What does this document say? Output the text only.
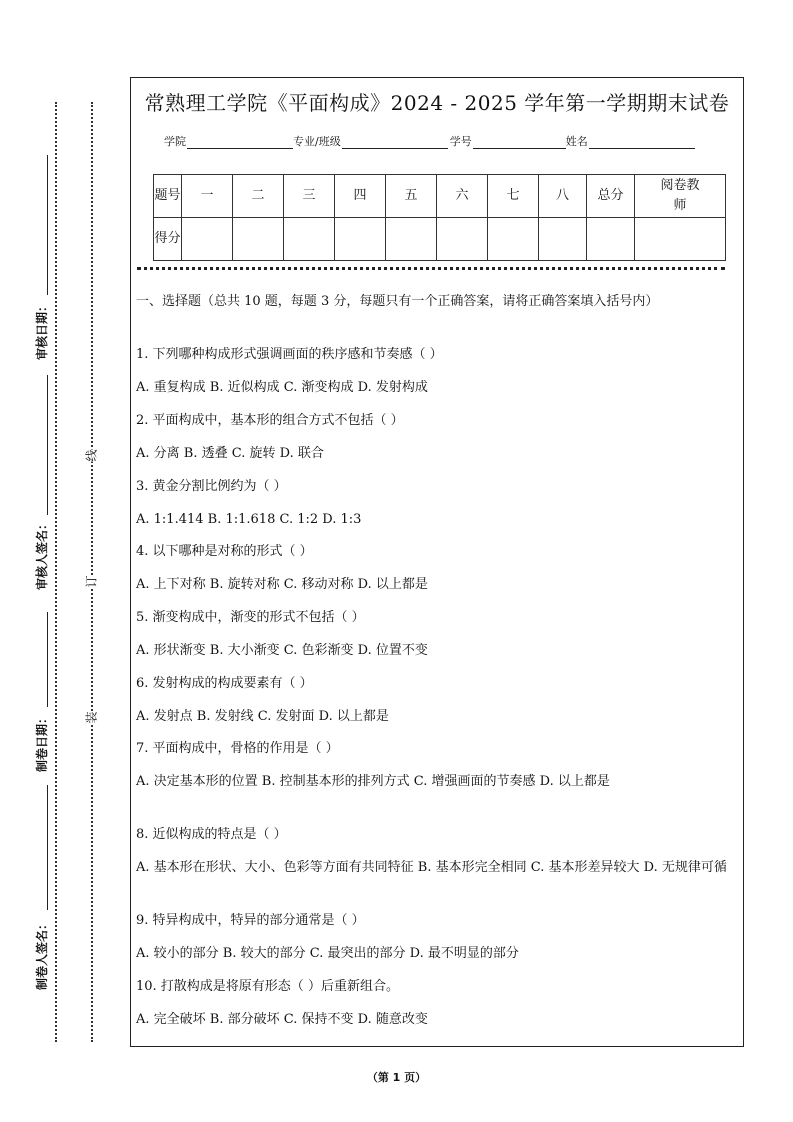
审核日期：
审核人签名：
制卷日期：
制卷人签名：
线
订
装
常熟理工学院《平面构成》2024 - 2025 学年第一学期期末试卷
学院	专业/班级	学号	姓名
题号	一	二	三	四	五	六	七	八	总分	阅卷教师
得分										

一、选择题（总共 10 题，每题 3 分，每题只有一个正确答案，请将正确答案填入括号内）

1. 下列哪种构成形式强调画面的秩序感和节奏感（ ）

A. 重复构成 B. 近似构成 C. 渐变构成 D. 发射构成

2. 平面构成中，基本形的组合方式不包括（ ）

A. 分离 B. 透叠 C. 旋转 D. 联合

3. 黄金分割比例约为（ ）

A. 1:1.414 B. 1:1.618 C. 1:2 D. 1:3

4. 以下哪种是对称的形式（ ）

A. 上下对称 B. 旋转对称 C. 移动对称 D. 以上都是

5. 渐变构成中，渐变的形式不包括（ ）

A. 形状渐变 B. 大小渐变 C. 色彩渐变 D. 位置不变

6. 发射构成的构成要素有（ ）

A. 发射点 B. 发射线 C. 发射面 D. 以上都是

7. 平面构成中，骨格的作用是（ ）

A. 决定基本形的位置 B. 控制基本形的排列方式 C. 增强画面的节奏感 D. 以上都是

8. 近似构成的特点是（ ）

A. 基本形在形状、大小、色彩等方面有共同特征 B. 基本形完全相同 C. 基本形差异较大 D. 无规律可循

9. 特异构成中，特异的部分通常是（ ）

A. 较小的部分 B. 较大的部分 C. 最突出的部分 D. 最不明显的部分

10. 打散构成是将原有形态（ ）后重新组合。

A. 完全破坏 B. 部分破坏 C. 保持不变 D. 随意改变

（第 1 页）
